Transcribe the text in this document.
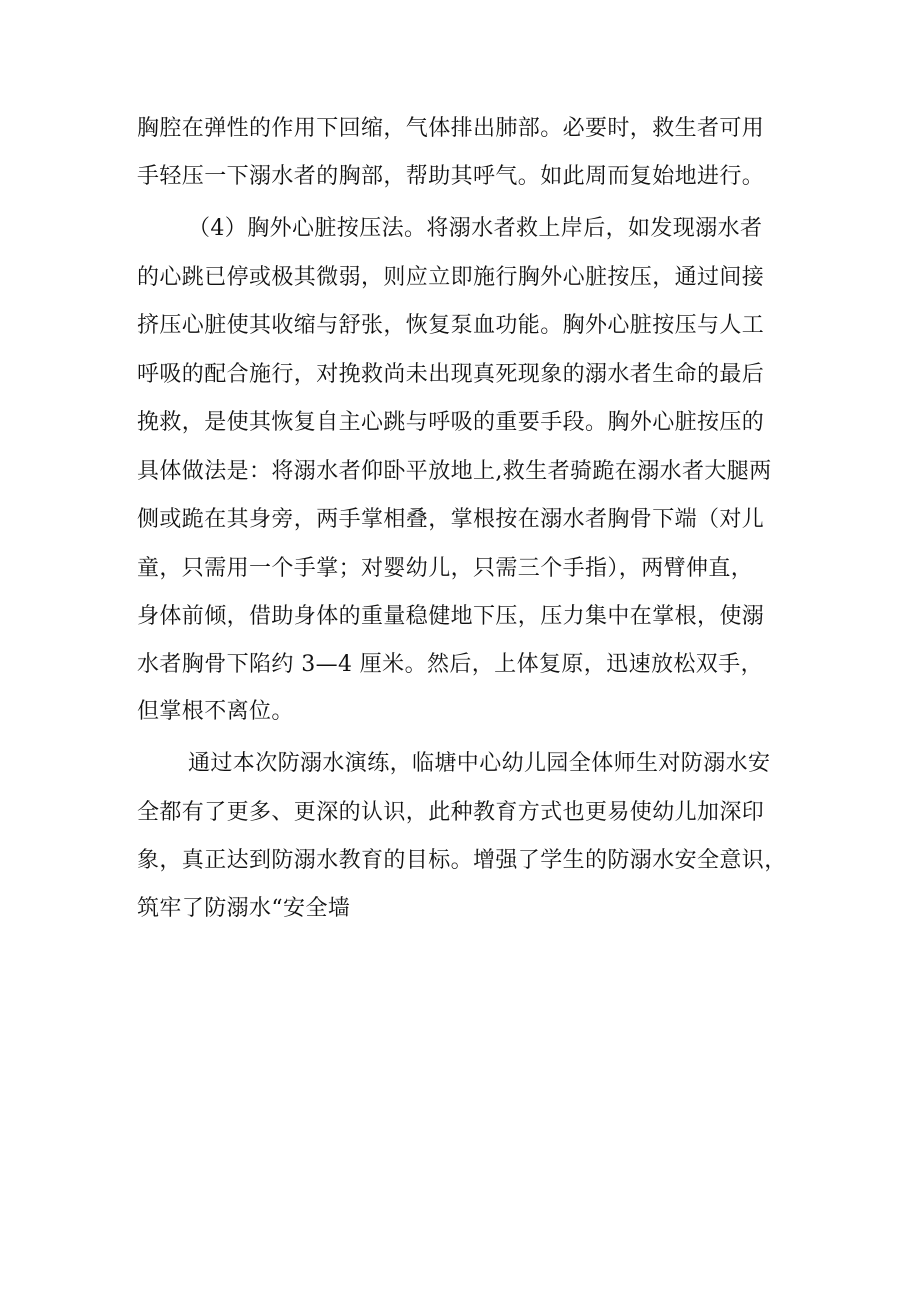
胸腔在弹性的作用下回缩，气体排出肺部。必要时，救生者可用
手轻压一下溺水者的胸部，帮助其呼气。如此周而复始地进行。
（4）胸外心脏按压法。将溺水者救上岸后，如发现溺水者
的心跳已停或极其微弱，则应立即施行胸外心脏按压，通过间接
挤压心脏使其收缩与舒张，恢复泵血功能。胸外心脏按压与人工
呼吸的配合施行，对挽救尚未出现真死现象的溺水者生命的最后
挽救，是使其恢复自主心跳与呼吸的重要手段。胸外心脏按压的
具体做法是：将溺水者仰卧平放地上,救生者骑跪在溺水者大腿两
侧或跪在其身旁，两手掌相叠，掌根按在溺水者胸骨下端（对儿
童，只需用一个手掌；对婴幼儿，只需三个手指），两臂伸直，
身体前倾，借助身体的重量稳健地下压，压力集中在掌根，使溺
水者胸骨下陷约 3—4 厘米。然后，上体复原，迅速放松双手，
但掌根不离位。
通过本次防溺水演练，临塘中心幼儿园全体师生对防溺水安
全都有了更多、更深的认识，此种教育方式也更易使幼儿加深印
象，真正达到防溺水教育的目标。增强了学生的防溺水安全意识，
筑牢了防溺水“安全墙
